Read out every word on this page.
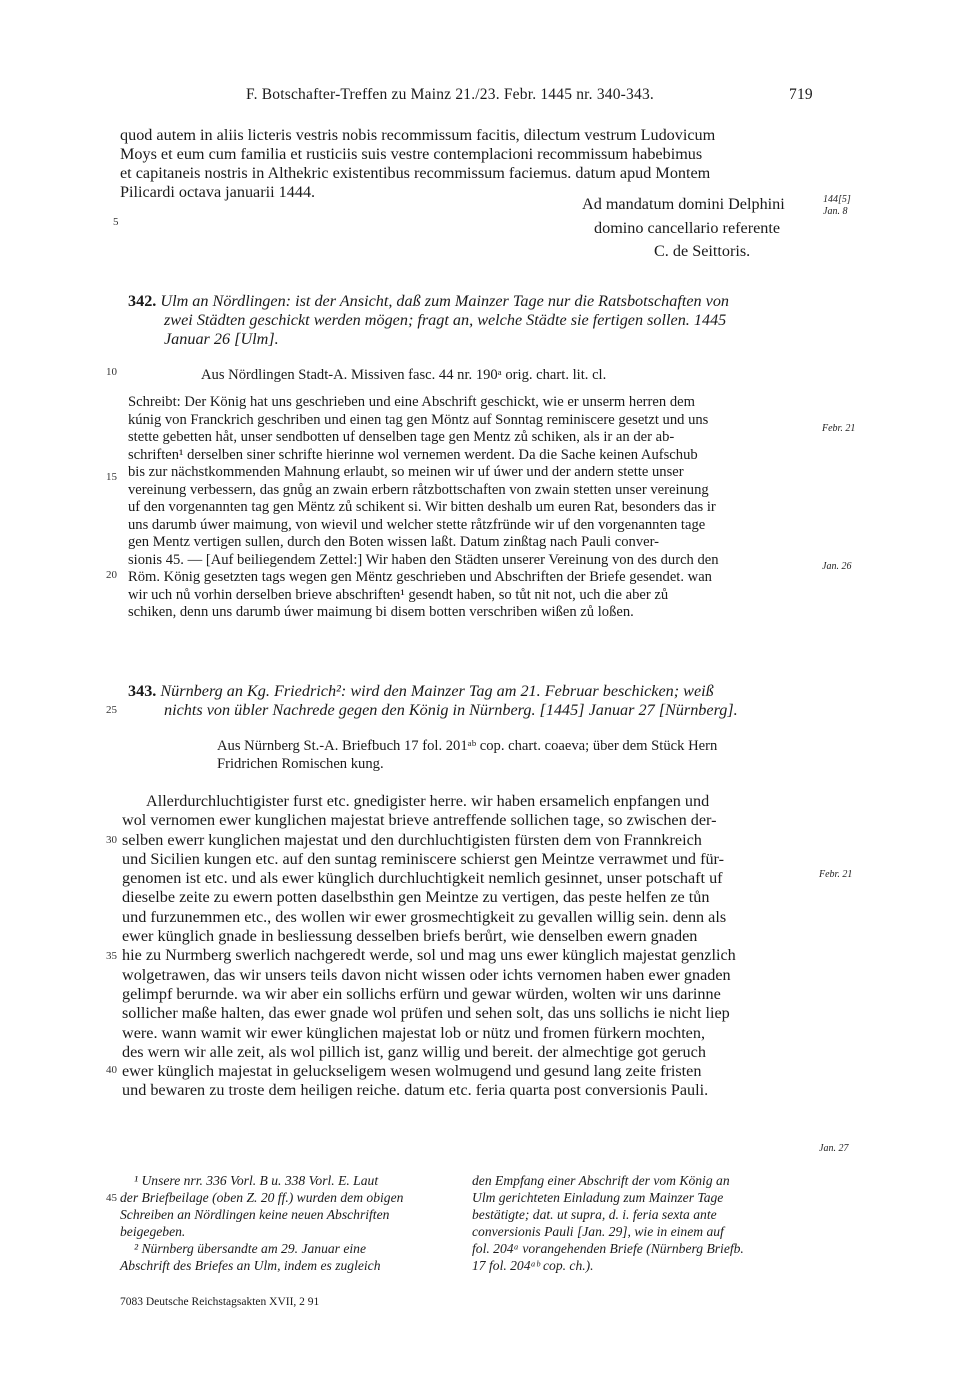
F. Botschafter-Treffen zu Mainz 21./23. Febr. 1445 nr. 340-343.	719
quod autem in aliis licteris vestris nobis recommissum facitis, dilectum vestrum Ludovicum
Moys et eum cum familia et rusticiis suis vestre contemplacioni recommissum habebimus
et capitaneis nostris in Althekric existentibus recommissum faciemus. datum apud Montem
Pilicardi octava januarii 1444.
Ad mandatum domini Delphini
domino cancellario referente
C. de Seittoris.
144[5]
Jan. 8
342. Ulm an Nördlingen: ist der Ansicht, daß zum Mainzer Tage nur die Ratsbotschaften von
zwei Städten geschickt werden mögen; fragt an, welche Städte sie fertigen sollen. 1445
Januar 26 [Ulm].
Aus Nördlingen Stadt-A. Missiven fasc. 44 nr. 190ᵃ orig. chart. lit. cl.
Schreibt: Der König hat uns geschrieben und eine Abschrift geschickt, wie er unserm herren dem
kúnig von Franckrich geschriben und einen tag gen Möntz auf Sonntag reminiscere gesetzt und uns
stette gebetten håt, unser sendbotten uf denselben tage gen Mentz zů schiken, als ir an der ab-
schriften¹ derselben siner schrifte hierinne wol vernemen werdent. Da die Sache keinen Aufschub
bis zur nächstkommenden Mahnung erlaubt, so meinen wir uf úwer und der andern stette unser
vereinung verbessern, das gnůg an zwain erbern råtzbottschaften von zwain stetten unser vereinung
uf den vorgenannten tag gen Mëntz zů schikent si. Wir bitten deshalb um euren Rat, besonders das ir
uns darumb úwer maimung, von wievil und welcher stette råtzfründe wir uf den vorgenannten tage
gen Mentz vertigen sullen, durch den Boten wissen laßt. Datum zinßtag nach Pauli conver-
sionis 45. — [Auf beiliegendem Zettel:] Wir haben den Städten unserer Vereinung von des durch den
Röm. König gesetzten tags wegen gen Mëntz geschrieben und Abschriften der Briefe gesendet. wan
wir uch nů vorhin derselben brieve abschriften¹ gesendt haben, so tůt nit not, uch die aber zů
schiken, denn uns darumb úwer maimung bi disem botten verschriben wißen zů loßen.
Febr. 21
Jan. 26
343. Nürnberg an Kg. Friedrich²: wird den Mainzer Tag am 21. Februar beschicken; weiß
nichts von übler Nachrede gegen den König in Nürnberg. [1445] Januar 27 [Nürnberg].
Aus Nürnberg St.-A. Briefbuch 17 fol. 201ᵃᵇ cop. chart. coaeva; über dem Stück Hern
Fridrichen Romischen kung.
Allerdurchluchtigister furst etc. gnedigister herre. wir haben ersamelich enpfangen und
wol vernomen ewer kunglichen majestat brieve antreffende sollichen tage, so zwischen der-
selben ewerr kunglichen majestat und den durchluchtigisten fürsten dem von Frannkreich
und Sicilien kungen etc. auf den suntag reminiscere schierst gen Meintze verrawmet und für-
genomen ist etc. und als ewer künglich durchluchtigkeit nemlich gesinnet, unser potschaft uf
dieselbe zeite zu ewern potten daselbsthin gen Meintze zu vertigen, das peste helfen ze tůn
und furzunemmen etc., des wollen wir ewer grosmechtigkeit zu gevallen willig sein. denn als
ewer künglich gnade in besliessung desselben briefs berůrt, wie denselben ewern gnaden
hie zu Nurmberg swerlich nachgeredt werde, sol und mag uns ewer künglich majestat genzlich
wolgetrawen, das wir unsers teils davon nicht wissen oder ichts vernomen haben ewer gnaden
gelimpf berurnde. wa wir aber ein sollichs erfürn und gewar würden, wolten wir uns darinne
sollicher maße halten, das ewer gnade wol prüfen und sehen solt, das uns sollichs ie nicht liep
were. wann wamit wir ewer künglichen majestat lob or nütz und fromen fürkern mochten,
des wern wir alle zeit, als wol pillich ist, ganz willig und bereit. der almechtige got geruch
ewer künglich majestat in geluckseligem wesen wolmugend und gesund lang zeite fristen
und bewaren zu troste dem heiligen reiche. datum etc. feria quarta post conversionis Pauli.
Febr. 21
Jan. 27
¹ Unsere nrr. 336 Vorl. B u. 338 Vorl. E. Laut
der Briefbeilage (oben Z. 20 ff.) wurden dem obigen
Schreiben an Nördlingen keine neuen Abschriften
beigegeben.
² Nürnberg übersandte am 29. Januar eine
Abschrift des Briefes an Ulm, indem es zugleich
den Empfang einer Abschrift der vom König an
Ulm gerichteten Einladung zum Mainzer Tage
bestätigte; dat. ut supra, d. i. feria sexta ante
conversionis Pauli [Jan. 29], wie in einem auf
fol. 204ᵃ vorangehenden Briefe (Nürnberg Briefb.
17 fol. 204ᵃᵇ cop. ch.).
7083 Deutsche Reichstagsakten XVII, 2 91
5
10
15
20
25
30
35
40
45
